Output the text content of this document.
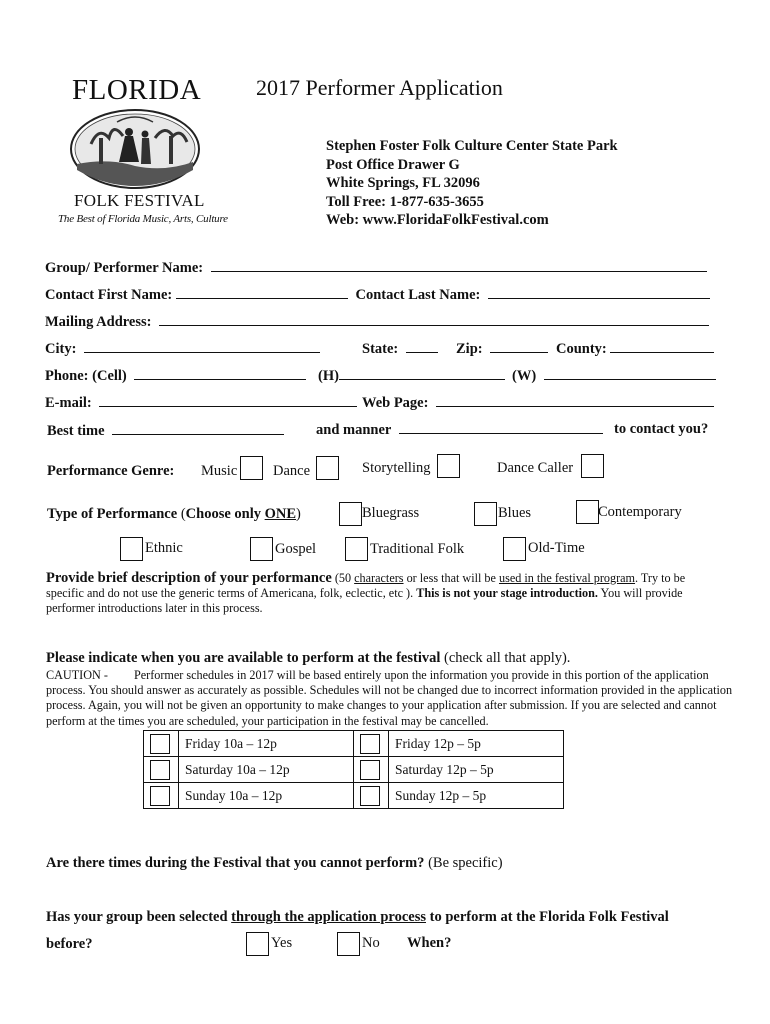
FLORIDA
FOLK FESTIVAL
The Best of Florida Music, Arts, Culture
2017 Performer Application
Stephen Foster Folk Culture Center State Park
Post Office Drawer G
White Springs, FL 32096
Toll Free: 1-877-635-3655
Web: www.FloridaFolkFestival.com
Group/ Performer Name:
Contact First Name:	Contact Last Name:
Mailing Address:
City:	State:	Zip:	County:
Phone: (Cell)	(H)	(W)
E-mail:	Web Page:
Best time	and manner	to contact you?
Performance Genre: Music Dance	Storytelling	Dance Caller
Type of Performance (Choose only ONE)	Bluegrass	Blues	Contemporary
Ethnic	Gospel	Traditional Folk	Old-Time
Provide brief description of your performance (50 characters or less that will be used in the festival program. Try to be specific and do not use the generic terms of Americana, folk, eclectic, etc ). This is not your stage introduction. You will provide performer introductions later in this process.
Please indicate when you are available to perform at the festival (check all that apply).
CAUTION - Performer schedules in 2017 will be based entirely upon the information you provide in this portion of the application process. You should answer as accurately as possible. Schedules will not be changed due to incorrect information provided in the application process. Again, you will not be given an opportunity to make changes to your application after submission. If you are selected and cannot perform at the times you are scheduled, your participation in the festival may be cancelled.
	Friday 10a – 12p		Friday 12p – 5p

	Saturday 10a – 12p		Saturday 12p – 5p

	Sunday 10a – 12p		Sunday 12p – 5p
Are there times during the Festival that you cannot perform? (Be specific)
Has your group been selected through the application process to perform at the Florida Folk Festival
before?	Yes	No When?
